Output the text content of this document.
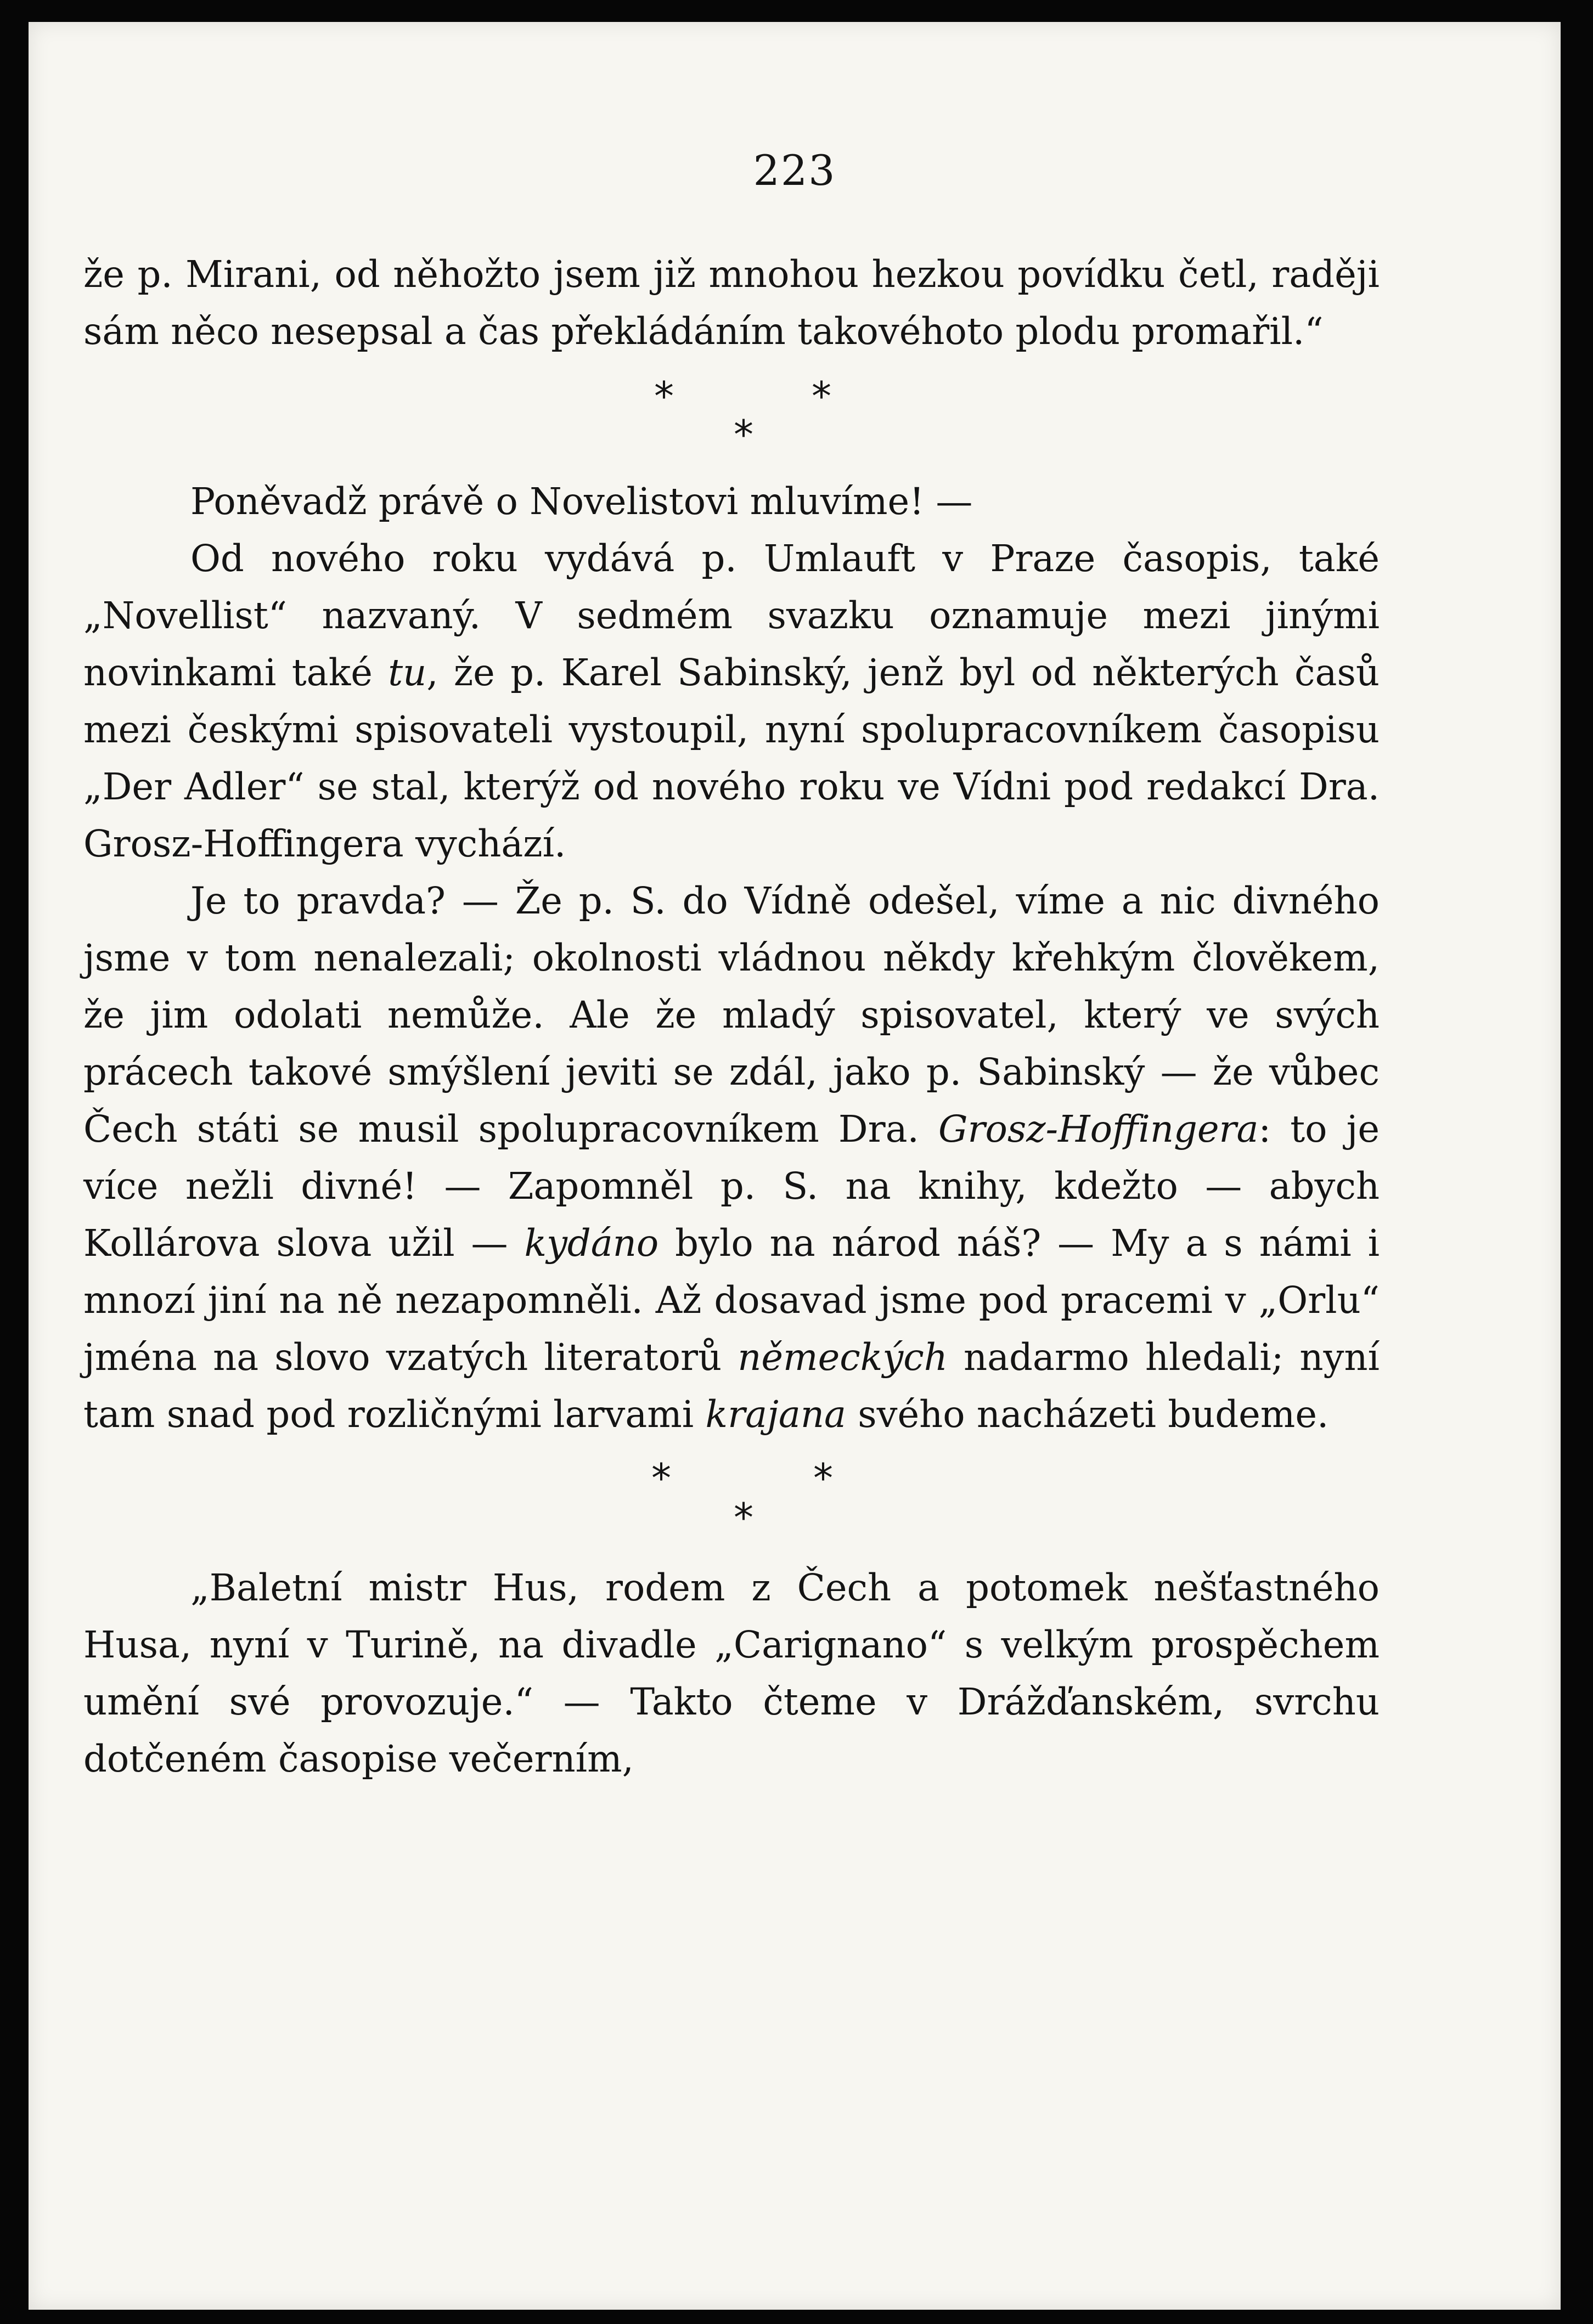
223

že p. Mirani, od něhožto jsem již mnohou hezkou povídku četl, raději sám něco nesepsal a čas překládáním takovéhoto plodu promařil.“

*	*
*

Poněvadž právě o Novelistovi mluvíme! —

Od nového roku vydává p. Umlauft v Praze časopis, také „Novellist“ nazvaný. V sedmém svazku oznamuje mezi jinými novinkami také tu, že p. Karel Sabinský, jenž byl od některých časů mezi českými spisovateli vystoupil, nyní spolupracovníkem časopisu „Der Adler“ se stal, kterýž od nového roku ve Vídni pod redakcí Dra. Grosz-Hoffingera vychází.

Je to pravda? — Že p. S. do Vídně odešel, víme a nic divného jsme v tom nenalezali; okolnosti vládnou někdy křehkým člověkem, že jim odolati nemůže. Ale že mladý spisovatel, který ve svých prácech takové smýšlení jeviti se zdál, jako p. Sabinský — že vůbec Čech státi se musil spolupracovníkem Dra. Grosz-Hoffingera: to je více nežli divné! — Zapomněl p. S. na knihy, kdežto — abych Kollárova slova užil — kydáno bylo na národ náš? — My a s námi i mnozí jiní na ně nezapomněli. Až dosavad jsme pod pracemi v „Orlu“ jména na slovo vzatých literatorů německých nadarmo hledali; nyní tam snad pod rozličnými larvami krajana svého nacházeti budeme.

*	*
*

„Baletní mistr Hus, rodem z Čech a potomek nešťastného Husa, nyní v Turině, na divadle „Carignano“ s velkým prospěchem umění své provozuje.“ — Takto čteme v Drážďanském, svrchu dotčeném časopise večerním,
